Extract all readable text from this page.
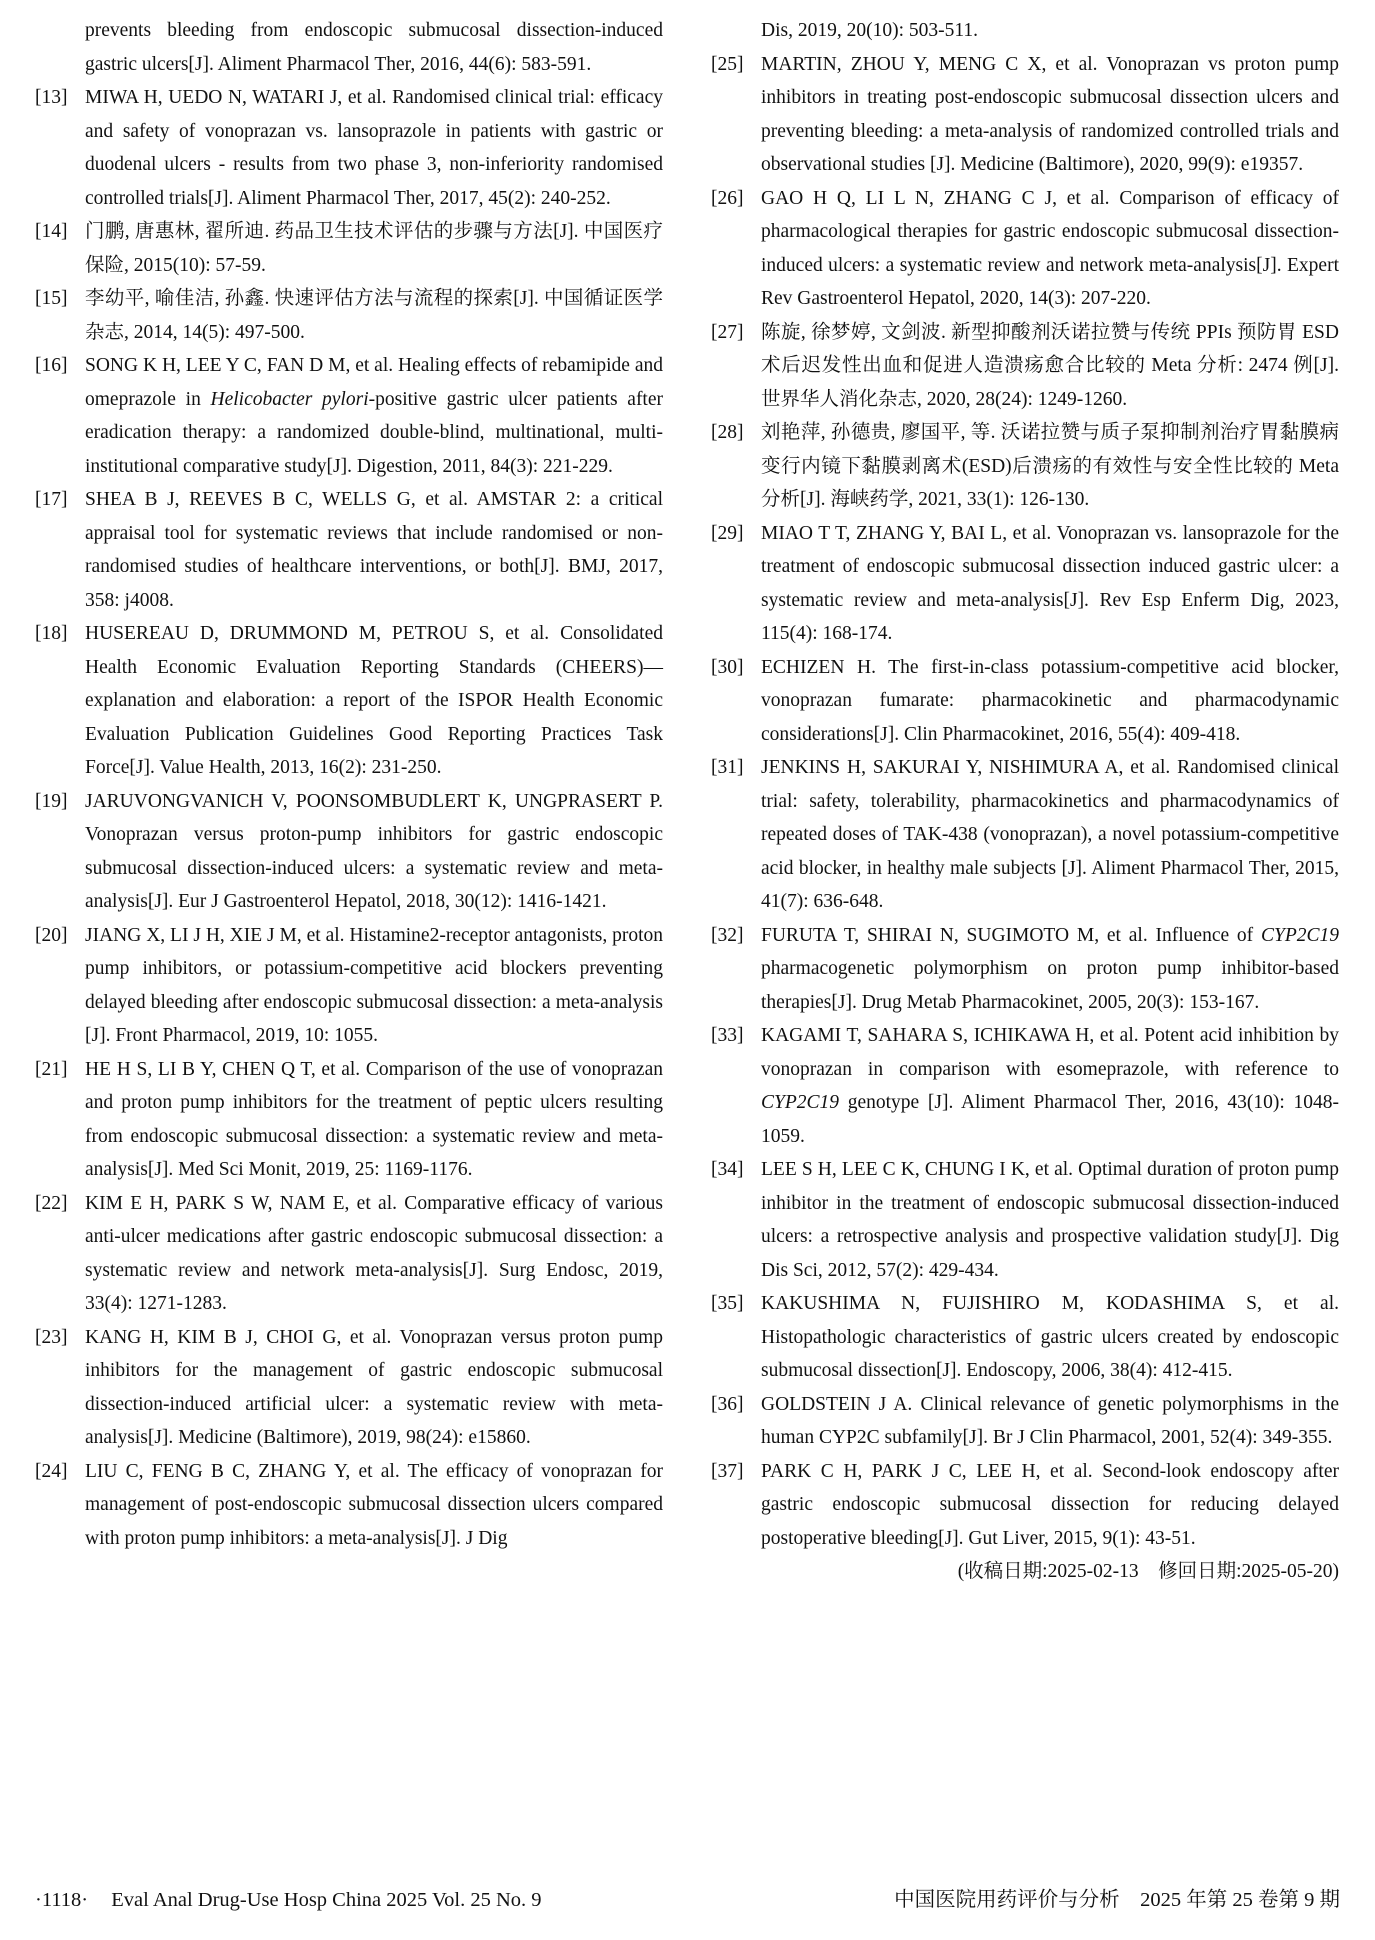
prevents bleeding from endoscopic submucosal dissection-induced gastric ulcers[J]. Aliment Pharmacol Ther, 2016, 44(6): 583-591.
[13] MIWA H, UEDO N, WATARI J, et al. Randomised clinical trial: efficacy and safety of vonoprazan vs. lansoprazole in patients with gastric or duodenal ulcers - results from two phase 3, non-inferiority randomised controlled trials[J]. Aliment Pharmacol Ther, 2017, 45(2): 240-252.
[14] 门鹏, 唐惠林, 翟所迪. 药品卫生技术评估的步骤与方法[J]. 中国医疗保险, 2015(10): 57-59.
[15] 李幼平, 喻佳洁, 孙鑫. 快速评估方法与流程的探索[J]. 中国循证医学杂志, 2014, 14(5): 497-500.
[16] SONG K H, LEE Y C, FAN D M, et al. Healing effects of rebamipide and omeprazole in Helicobacter pylori-positive gastric ulcer patients after eradication therapy: a randomized double-blind, multinational, multi-institutional comparative study[J]. Digestion, 2011, 84(3): 221-229.
[17] SHEA B J, REEVES B C, WELLS G, et al. AMSTAR 2: a critical appraisal tool for systematic reviews that include randomised or non-randomised studies of healthcare interventions, or both[J]. BMJ, 2017, 358: j4008.
[18] HUSEREAU D, DRUMMOND M, PETROU S, et al. Consolidated Health Economic Evaluation Reporting Standards (CHEERS)—explanation and elaboration: a report of the ISPOR Health Economic Evaluation Publication Guidelines Good Reporting Practices Task Force[J]. Value Health, 2013, 16(2): 231-250.
[19] JARUVONGVANICH V, POONSOMBUDLERT K, UNGPRASERT P. Vonoprazan versus proton-pump inhibitors for gastric endoscopic submucosal dissection-induced ulcers: a systematic review and meta-analysis[J]. Eur J Gastroenterol Hepatol, 2018, 30(12): 1416-1421.
[20] JIANG X, LI J H, XIE J M, et al. Histamine2-receptor antagonists, proton pump inhibitors, or potassium-competitive acid blockers preventing delayed bleeding after endoscopic submucosal dissection: a meta-analysis [J]. Front Pharmacol, 2019, 10: 1055.
[21] HE H S, LI B Y, CHEN Q T, et al. Comparison of the use of vonoprazan and proton pump inhibitors for the treatment of peptic ulcers resulting from endoscopic submucosal dissection: a systematic review and meta-analysis[J]. Med Sci Monit, 2019, 25: 1169-1176.
[22] KIM E H, PARK S W, NAM E, et al. Comparative efficacy of various anti-ulcer medications after gastric endoscopic submucosal dissection: a systematic review and network meta-analysis[J]. Surg Endosc, 2019, 33(4): 1271-1283.
[23] KANG H, KIM B J, CHOI G, et al. Vonoprazan versus proton pump inhibitors for the management of gastric endoscopic submucosal dissection-induced artificial ulcer: a systematic review with meta-analysis[J]. Medicine (Baltimore), 2019, 98(24): e15860.
[24] LIU C, FENG B C, ZHANG Y, et al. The efficacy of vonoprazan for management of post-endoscopic submucosal dissection ulcers compared with proton pump inhibitors: a meta-analysis[J]. J Dig
Dis, 2019, 20(10): 503-511.
[25] MARTIN, ZHOU Y, MENG C X, et al. Vonoprazan vs proton pump inhibitors in treating post-endoscopic submucosal dissection ulcers and preventing bleeding: a meta-analysis of randomized controlled trials and observational studies [J]. Medicine (Baltimore), 2020, 99(9): e19357.
[26] GAO H Q, LI L N, ZHANG C J, et al. Comparison of efficacy of pharmacological therapies for gastric endoscopic submucosal dissection-induced ulcers: a systematic review and network meta-analysis[J]. Expert Rev Gastroenterol Hepatol, 2020, 14(3): 207-220.
[27] 陈旋, 徐梦婷, 文剑波. 新型抑酸剂沃诺拉赞与传统 PPIs 预防胃 ESD 术后迟发性出血和促进人造溃疡愈合比较的 Meta 分析: 2474 例[J]. 世界华人消化杂志, 2020, 28(24): 1249-1260.
[28] 刘艳萍, 孙德贵, 廖国平, 等. 沃诺拉赞与质子泵抑制剂治疗胃黏膜病变行内镜下黏膜剥离术(ESD)后溃疡的有效性与安全性比较的 Meta 分析[J]. 海峡药学, 2021, 33(1): 126-130.
[29] MIAO T T, ZHANG Y, BAI L, et al. Vonoprazan vs. lansoprazole for the treatment of endoscopic submucosal dissection induced gastric ulcer: a systematic review and meta-analysis[J]. Rev Esp Enferm Dig, 2023, 115(4): 168-174.
[30] ECHIZEN H. The first-in-class potassium-competitive acid blocker, vonoprazan fumarate: pharmacokinetic and pharmacodynamic considerations[J]. Clin Pharmacokinet, 2016, 55(4): 409-418.
[31] JENKINS H, SAKURAI Y, NISHIMURA A, et al. Randomised clinical trial: safety, tolerability, pharmacokinetics and pharmacodynamics of repeated doses of TAK-438 (vonoprazan), a novel potassium-competitive acid blocker, in healthy male subjects [J]. Aliment Pharmacol Ther, 2015, 41(7): 636-648.
[32] FURUTA T, SHIRAI N, SUGIMOTO M, et al. Influence of CYP2C19 pharmacogenetic polymorphism on proton pump inhibitor-based therapies[J]. Drug Metab Pharmacokinet, 2005, 20(3): 153-167.
[33] KAGAMI T, SAHARA S, ICHIKAWA H, et al. Potent acid inhibition by vonoprazan in comparison with esomeprazole, with reference to CYP2C19 genotype [J]. Aliment Pharmacol Ther, 2016, 43(10): 1048-1059.
[34] LEE S H, LEE C K, CHUNG I K, et al. Optimal duration of proton pump inhibitor in the treatment of endoscopic submucosal dissection-induced ulcers: a retrospective analysis and prospective validation study[J]. Dig Dis Sci, 2012, 57(2): 429-434.
[35] KAKUSHIMA N, FUJISHIRO M, KODASHIMA S, et al. Histopathologic characteristics of gastric ulcers created by endoscopic submucosal dissection[J]. Endoscopy, 2006, 38(4): 412-415.
[36] GOLDSTEIN J A. Clinical relevance of genetic polymorphisms in the human CYP2C subfamily[J]. Br J Clin Pharmacol, 2001, 52(4): 349-355.
[37] PARK C H, PARK J C, LEE H, et al. Second-look endoscopy after gastric endoscopic submucosal dissection for reducing delayed postoperative bleeding[J]. Gut Liver, 2015, 9(1): 43-51.
(收稿日期:2025-02-13　修回日期:2025-05-20)
·1118· Eval Anal Drug-Use Hosp China 2025 Vol. 25 No. 9	中国医院用药评价与分析　2025 年第 25 卷第 9 期
